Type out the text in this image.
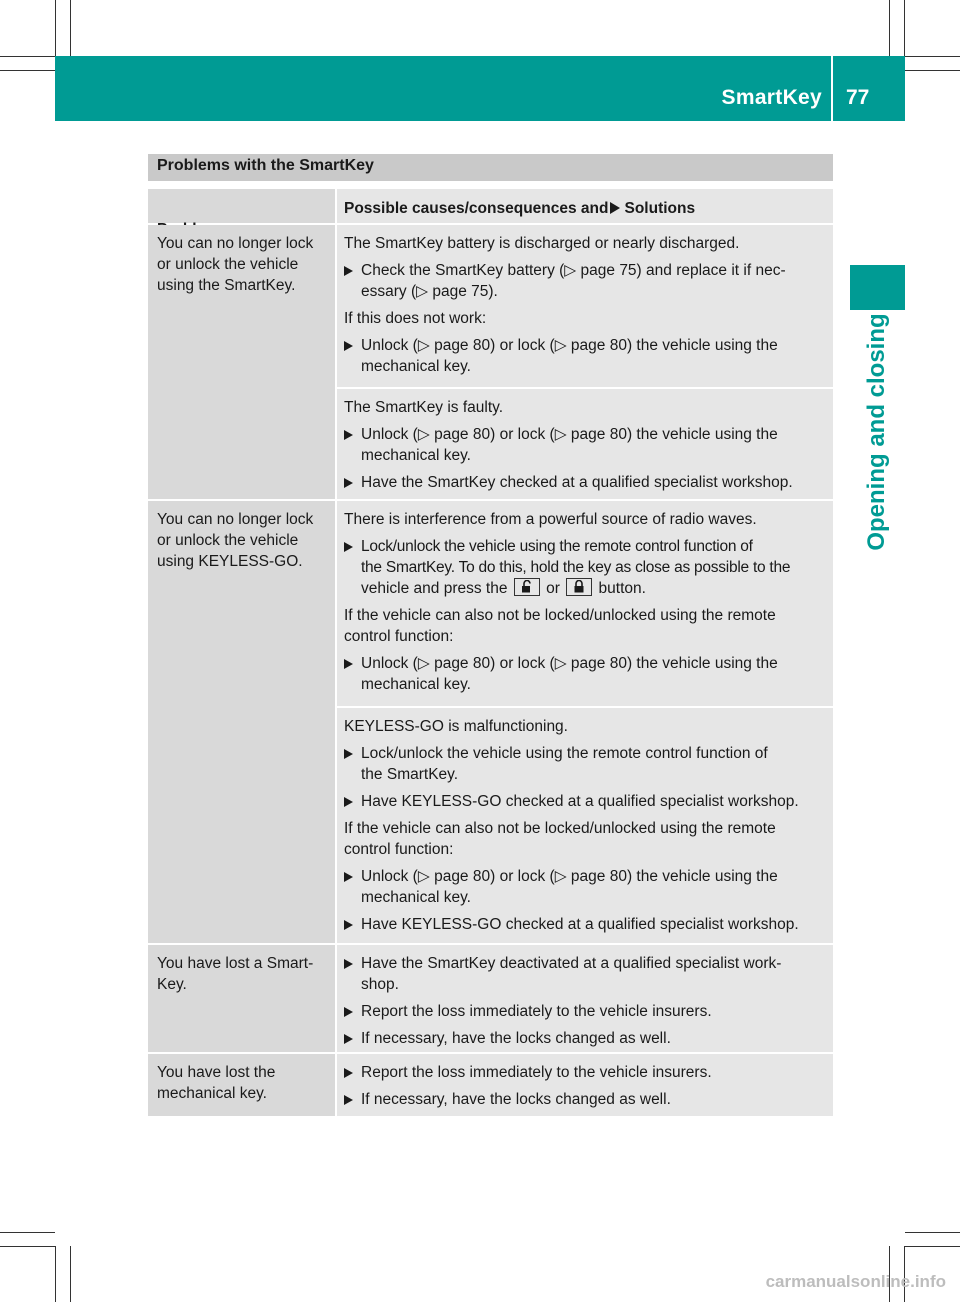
SmartKey 77
Opening and closing
Problems with the SmartKey

Possible causes/consequences and Solutions
You can no longer lock
or unlock the vehicle
using the SmartKey.

The SmartKey battery is discharged or nearly discharged.

Check the SmartKey battery (▷ page 75) and replace it if nec-
essary (▷ page 75).

If this does not work:

Unlock (▷ page 80) or lock (▷ page 80) the vehicle using the
mechanical key.

The SmartKey is faulty.

Unlock (▷ page 80) or lock (▷ page 80) the vehicle using the
mechanical key.
Have the SmartKey checked at a qualified specialist workshop.
You can no longer lock
or unlock the vehicle
using KEYLESS-GO.

There is interference from a powerful source of radio waves.

Lock/unlock the vehicle using the remote control function of
the SmartKey. To do this, hold the key as close as possible to the
vehicle and press the or button.

If the vehicle can also not be locked/unlocked using the remote
control function:

Unlock (▷ page 80) or lock (▷ page 80) the vehicle using the
mechanical key.

KEYLESS-GO is malfunctioning.

Lock/unlock the vehicle using the remote control function of
the SmartKey.
Have KEYLESS-GO checked at a qualified specialist workshop.

If the vehicle can also not be locked/unlocked using the remote
control function:

Unlock (▷ page 80) or lock (▷ page 80) the vehicle using the
mechanical key.
Have KEYLESS-GO checked at a qualified specialist workshop.
You have lost a Smart-
Key.
Have the SmartKey deactivated at a qualified specialist work-
shop.
Report the loss immediately to the vehicle insurers.
If necessary, have the locks changed as well.
You have lost the
mechanical key.
Report the loss immediately to the vehicle insurers.
If necessary, have the locks changed as well.
carmanualsonline.info
